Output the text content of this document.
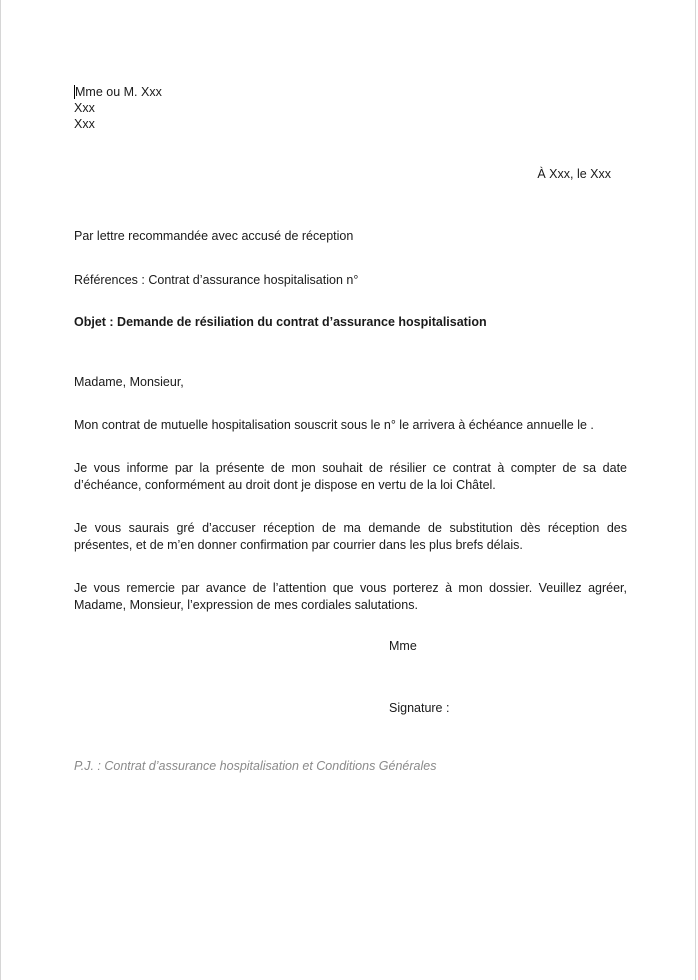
Mme ou M. Xxx
Xxx
Xxx
À Xxx, le Xxx
Par lettre recommandée avec accusé de réception
Références : Contrat d’assurance hospitalisation n°
Objet : Demande de résiliation du contrat d’assurance hospitalisation
Madame, Monsieur,
Mon contrat de mutuelle hospitalisation souscrit sous le n° le arrivera à échéance annuelle le .
Je vous informe par la présente de mon souhait de résilier ce contrat à compter de sa date d’échéance, conformément au droit dont je dispose en vertu de la loi Châtel.
Je vous saurais gré d’accuser réception de ma demande de substitution dès réception des présentes, et de m’en donner confirmation par courrier dans les plus brefs délais.
Je vous remercie par avance de l’attention que vous porterez à mon dossier. Veuillez agréer, Madame, Monsieur, l’expression de mes cordiales salutations.
Mme
Signature :
P.J. : Contrat d’assurance hospitalisation et Conditions Générales
